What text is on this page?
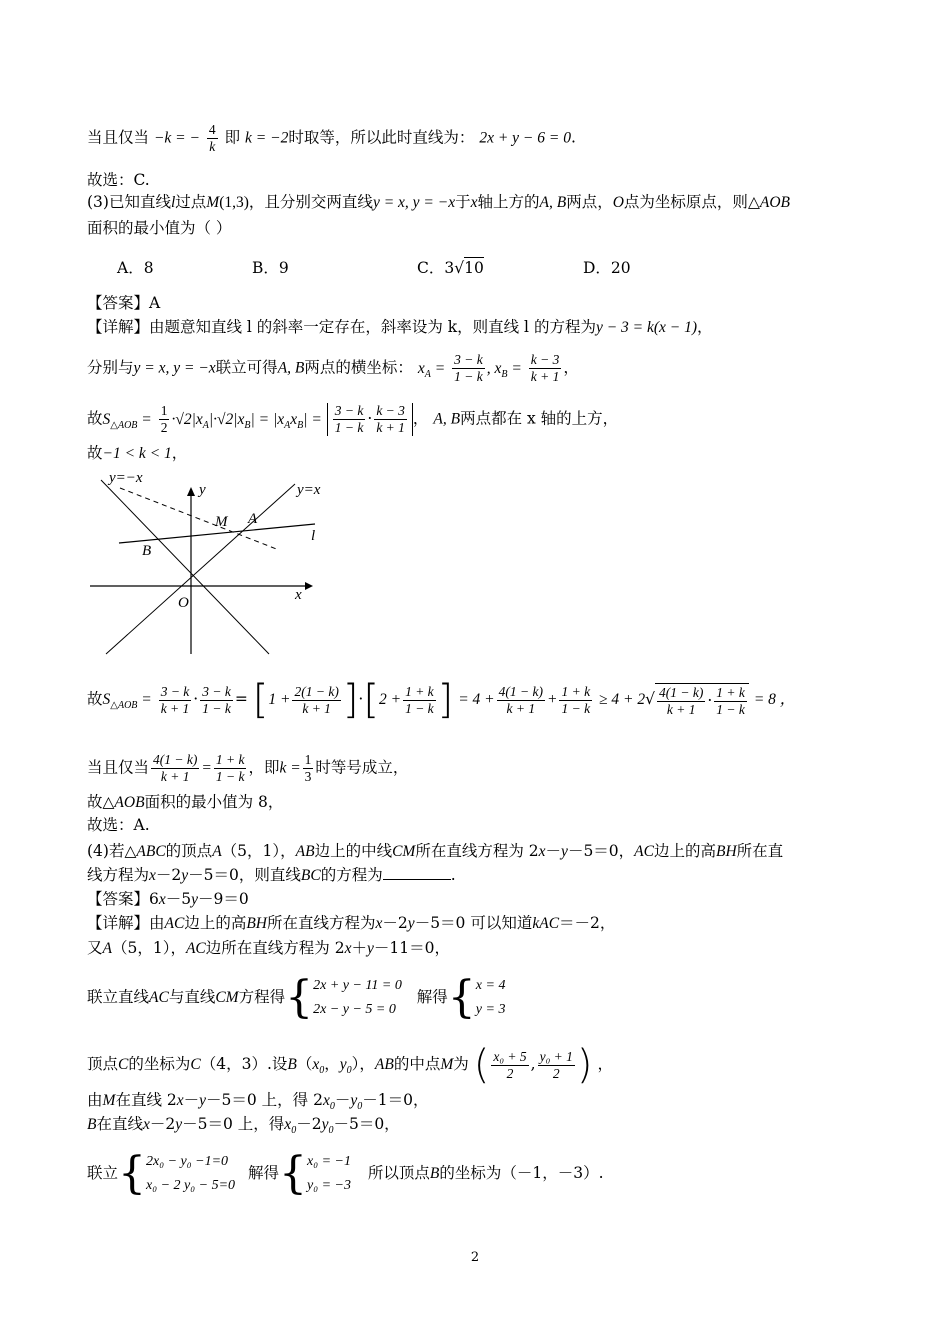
当且仅当 −k = − $\frac{4}{k}$ 即 k = −2时取等，所以此时直线为： 2x + y − 6 = 0.
故选：C.
(3)已知直线l过点M(1,3)，且分别交两直线y = x, y = −x于x轴上方的A, B两点，O点为坐标原点，则△AOB
面积的最小值为（ ）
A．8	B．9	C．3√10	D．20
【答案】A
【详解】由题意知直线 l 的斜率一定存在，斜率设为 k，则直线 l 的方程为y − 3 = k(x − 1)，
分别与y = x, y = −x联立可得A, B两点的横坐标： $x_A = \frac{3 - k}{1 - k}$ , $x_B = \frac{k - 3}{k + 1}$ ，
故$S_{\triangle AOB} = \frac{1}{2} \cdot√2|x_A|\cdot√2|x_B| = |x_Ax_B| = \frac{3 - k}{1 - k} \cdot \frac{k - 3}{k + 1}$ ， A, B两点都在 x 轴的上方，
故−1 < k < 1，
y=−x
y
M A
y=x
l
B
O	x
故$S_{\triangle AOB} = \frac{3 - k}{k + 1} \cdot \frac{3 - k}{1 - k} = [1 + \frac{2(1 - k)}{k + 1} ]\cdot[2 + \frac{1 + k}{1 - k}$ ] = $4 + \frac{4(1 - k)}{k + 1} + \frac{1 + k}{1 - k} \ge 4 + 2√ \frac{4(1 - k)}{k + 1} \cdot \frac{1 + k}{1 - k} = 8$ ，
当且仅当 $\frac{4(1 - k)}{k + 1} = \frac{1 + k}{1 - k}$ ，即$k = \frac{1}{3}$ 时等号成立，
故△AOB面积的最小值为 8，
故选：A.
(4)若△ABC的顶点A（5，1），AB边上的中线CM所在直线方程为 2x－y－5＝0，AC边上的高BH所在直
线方程为x－2y－5＝0，则直线BC的方程为	.
【答案】6x－5y－9＝0
【详解】由AC边上的高BH所在直线方程为x－2y－5＝0 可以知道kAC＝－2，
又A（5，1），AC边所在直线方程为 2x＋y－11＝0，
联立直线AC与直线CM方程得{ 2x + y − 11 = 0
2x − y − 5 = 0
解得{ x = 4
y = 3
顶点C的坐标为C（4，3）.设$B(x_0$，$y_0$），AB的中点M为 ( $\frac{\text{x₀ + 5}}{2}$ , $\frac{\text{y₀ + 1}}{2}$ ) ，
由M在直线 2x－y－5＝0 上，得 $2x_0-y_0-1=0$，
B在直线x－2y－5＝0 上，得$x_0-2y_0-5=0$，
联立{ 2x₀ − y₀ −1=0
x₀ − 2 y₀ − 5=0
解得{ x₀ = −1
y₀ = −3
所以顶点B的坐标为（－1，－3）.
2
